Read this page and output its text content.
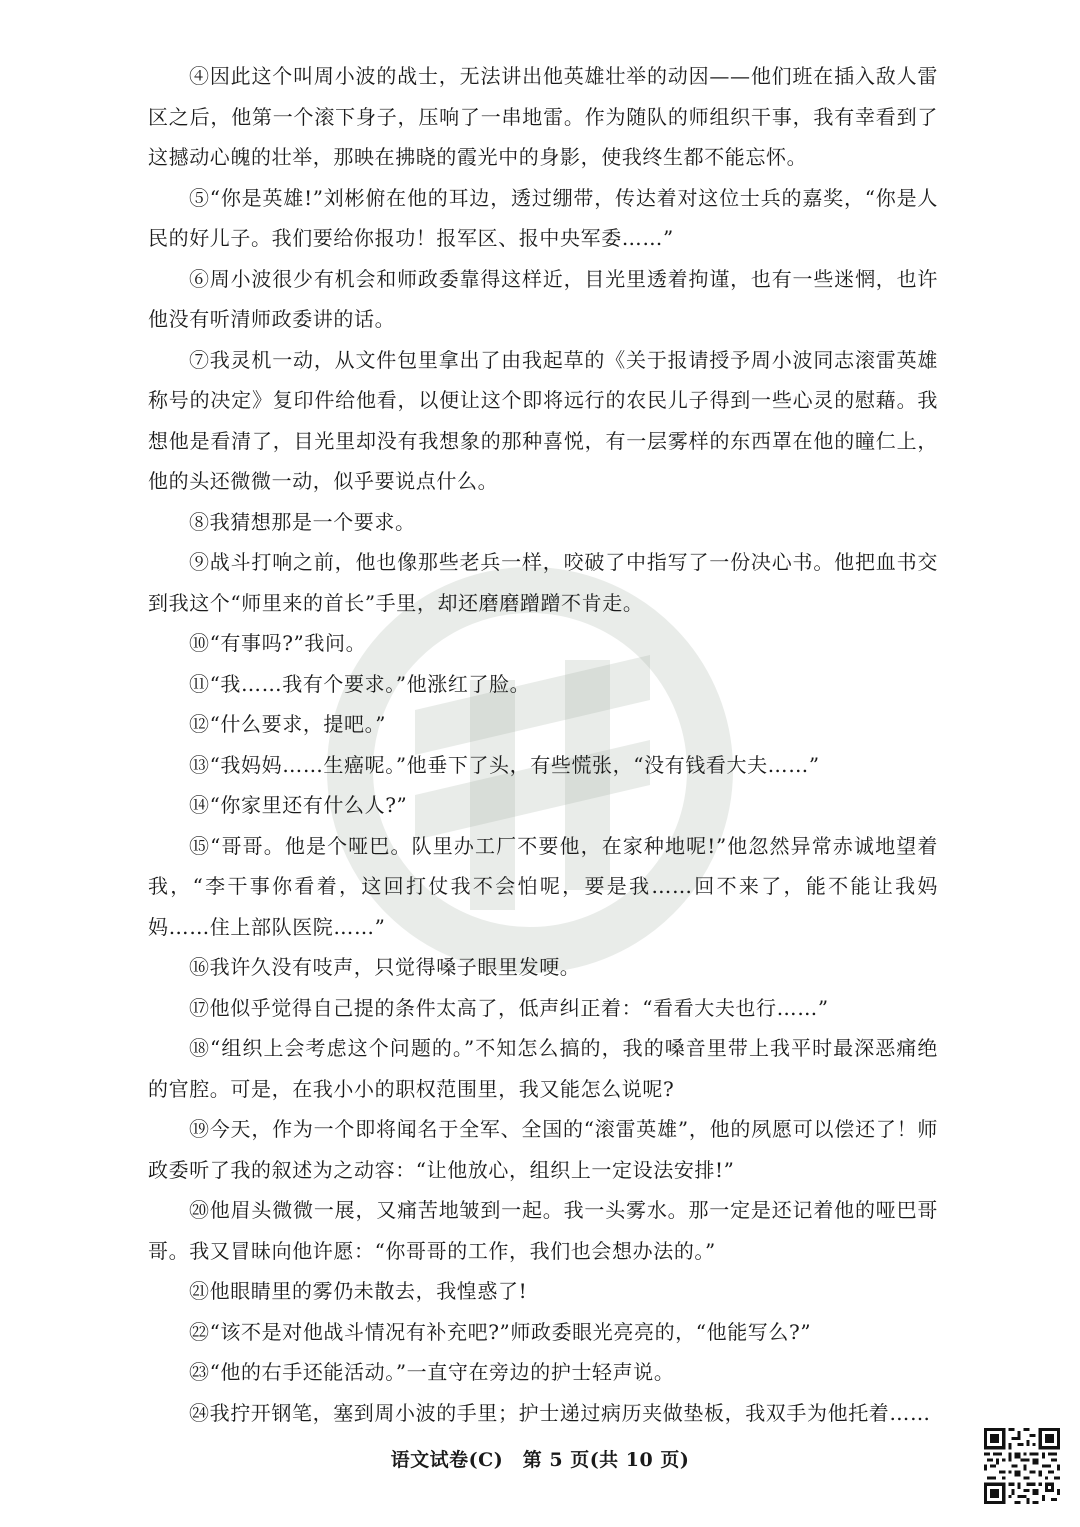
④因此这个叫周小波的战士，无法讲出他英雄壮举的动因——他们班在插入敌人雷区之后，他第一个滚下身子，压响了一串地雷。作为随队的师组织干事，我有幸看到了这撼动心魄的壮举，那映在拂晓的霞光中的身影，使我终生都不能忘怀。

⑤“你是英雄!”刘彬俯在他的耳边，透过绷带，传达着对这位士兵的嘉奖，“你是人民的好儿子。我们要给你报功！报军区、报中央军委……”

⑥周小波很少有机会和师政委靠得这样近，目光里透着拘谨，也有一些迷惘，也许他没有听清师政委讲的话。

⑦我灵机一动，从文件包里拿出了由我起草的《关于报请授予周小波同志滚雷英雄称号的决定》复印件给他看，以便让这个即将远行的农民儿子得到一些心灵的慰藉。我想他是看清了，目光里却没有我想象的那种喜悦，有一层雾样的东西罩在他的瞳仁上，他的头还微微一动，似乎要说点什么。

⑧我猜想那是一个要求。

⑨战斗打响之前，他也像那些老兵一样，咬破了中指写了一份决心书。他把血书交到我这个“师里来的首长”手里，却还磨磨蹭蹭不肯走。

⑩“有事吗?”我问。

⑪“我……我有个要求。”他涨红了脸。

⑫“什么要求，提吧。”

⑬“我妈妈……生癌呢。”他垂下了头，有些慌张，“没有钱看大夫……”

⑭“你家里还有什么人?”

⑮“哥哥。他是个哑巴。队里办工厂不要他，在家种地呢!”他忽然异常赤诚地望着我，“李干事你看着，这回打仗我不会怕呢，要是我……回不来了，能不能让我妈妈……住上部队医院……”

⑯我许久没有吱声，只觉得嗓子眼里发哽。

⑰他似乎觉得自己提的条件太高了，低声纠正着：“看看大夫也行……”

⑱“组织上会考虑这个问题的。”不知怎么搞的，我的嗓音里带上我平时最深恶痛绝的官腔。可是，在我小小的职权范围里，我又能怎么说呢?

⑲今天，作为一个即将闻名于全军、全国的“滚雷英雄”，他的夙愿可以偿还了！师政委听了我的叙述为之动容：“让他放心，组织上一定设法安排!”

⑳他眉头微微一展，又痛苦地皱到一起。我一头雾水。那一定是还记着他的哑巴哥哥。我又冒昧向他许愿：“你哥哥的工作，我们也会想办法的。”

㉑他眼睛里的雾仍未散去，我惶惑了!

㉒“该不是对他战斗情况有补充吧?”师政委眼光亮亮的，“他能写么?”

㉓“他的右手还能活动。”一直守在旁边的护士轻声说。

㉔我拧开钢笔，塞到周小波的手里；护士递过病历夹做垫板，我双手为他托着……

语文试卷(C)　第 5 页(共 10 页)
